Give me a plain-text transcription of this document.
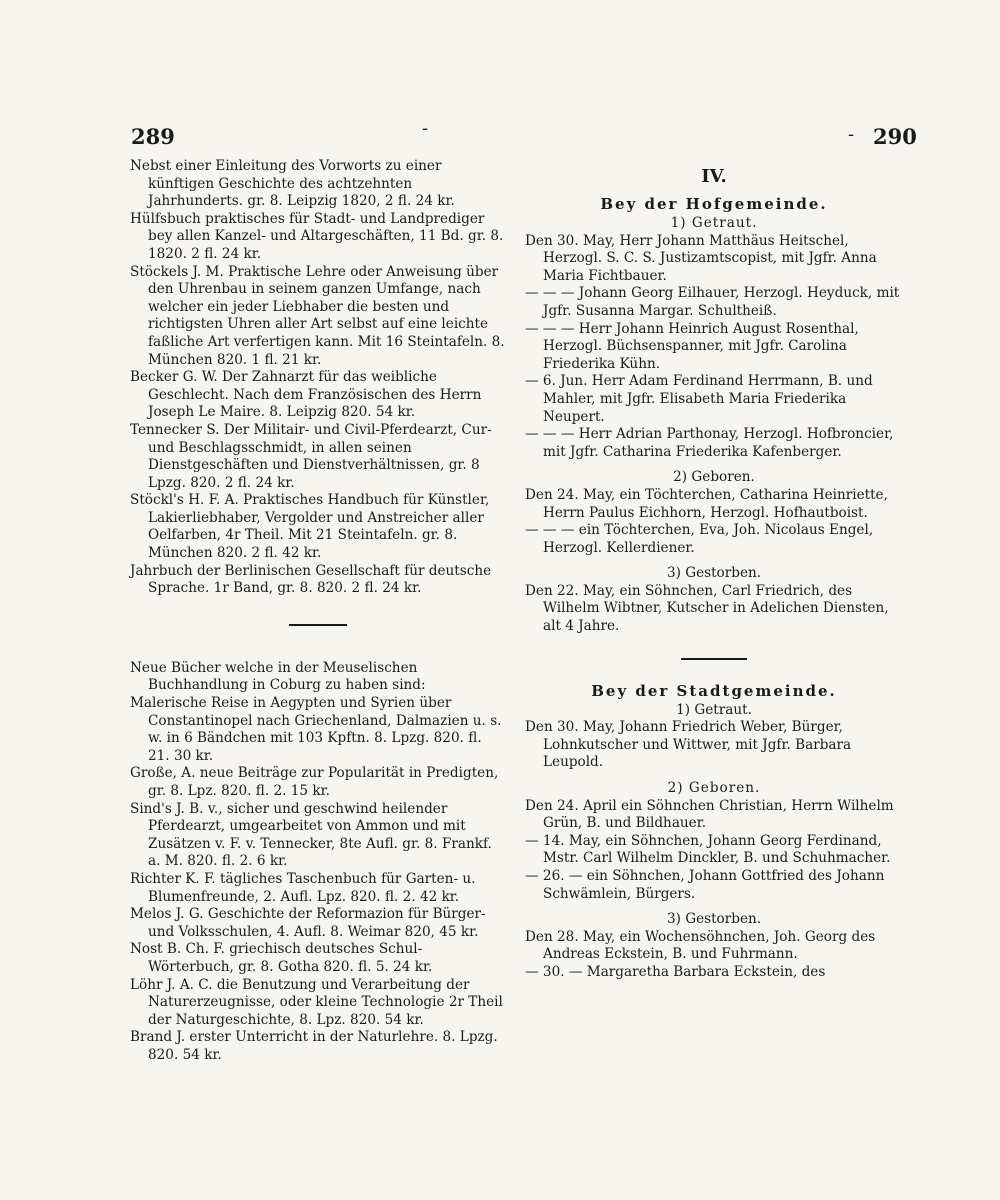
289	-	- 290

Nebst einer Einleitung des Vorworts zu einer künftigen Geschichte des achtzehnten Jahrhunderts. gr. 8. Leipzig 1820, 2 fl. 24 kr.

Hülfsbuch praktisches für Stadt- und Landprediger bey allen Kanzel- und Altargeschäften, 11 Bd. gr. 8. 1820. 2 fl. 24 kr.

Stöckels J. M. Praktische Lehre oder Anweisung über den Uhrenbau in seinem ganzen Umfange, nach welcher ein jeder Liebhaber die besten und richtigsten Uhren aller Art selbst auf eine leichte faßliche Art verfertigen kann. Mit 16 Steintafeln. 8. München 820. 1 fl. 21 kr.

Becker G. W. Der Zahnarzt für das weibliche Geschlecht. Nach dem Französischen des Herrn Joseph Le Maire. 8. Leipzig 820. 54 kr.

Tennecker S. Der Militair- und Civil-Pferdearzt, Cur- und Beschlagsschmidt, in allen seinen Dienstgeschäften und Dienstverhältnissen, gr. 8 Lpzg. 820. 2 fl. 24 kr.

Stöckl's H. F. A. Praktisches Handbuch für Künstler, Lakierliebhaber, Vergolder und Anstreicher aller Oelfarben, 4r Theil. Mit 21 Steintafeln. gr. 8. München 820. 2 fl. 42 kr.

Jahrbuch der Berlinischen Gesellschaft für deutsche Sprache. 1r Band, gr. 8. 820. 2 fl. 24 kr.

Neue Bücher welche in der Meuselischen Buchhandlung in Coburg zu haben sind:

Malerische Reise in Aegypten und Syrien über Constantinopel nach Griechenland, Dalmazien u. s. w. in 6 Bändchen mit 103 Kpftn. 8. Lpzg. 820. fl. 21. 30 kr.

Große, A. neue Beiträge zur Popularität in Predigten, gr. 8. Lpz. 820. fl. 2. 15 kr.

Sind's J. B. v., sicher und geschwind heilender Pferdearzt, umgearbeitet von Ammon und mit Zusätzen v. F. v. Tennecker, 8te Aufl. gr. 8. Frankf. a. M. 820. fl. 2. 6 kr.

Richter K. F. tägliches Taschenbuch für Garten- u. Blumenfreunde, 2. Aufl. Lpz. 820. fl. 2. 42 kr.

Melos J. G. Geschichte der Reformazion für Bürger- und Volksschulen, 4. Aufl. 8. Weimar 820, 45 kr.

Nost B. Ch. F. griechisch deutsches Schul-Wörterbuch, gr. 8. Gotha 820. fl. 5. 24 kr.

Löhr J. A. C. die Benutzung und Verarbeitung der Naturerzeugnisse, oder kleine Technologie 2r Theil der Naturgeschichte, 8. Lpz. 820. 54 kr.

Brand J. erster Unterricht in der Naturlehre. 8. Lpzg. 820. 54 kr.

IV.

Bey der Hofgemeinde.

1) Getraut.

Den 30. May, Herr Johann Matthäus Heitschel, Herzogl. S. C. S. Justizamtscopist, mit Jgfr. Anna Maria Fichtbauer.

— — — Johann Georg Eilhauer, Herzogl. Heyduck, mit Jgfr. Susanna Margar. Schultheiß.

— — — Herr Johann Heinrich August Rosenthal, Herzogl. Büchsenspanner, mit Jgfr. Carolina Friederika Kühn.

— 6. Jun. Herr Adam Ferdinand Herrmann, B. und Mahler, mit Jgfr. Elisabeth Maria Friederika Neupert.

— — — Herr Adrian Parthonay, Herzogl. Hofbroncier, mit Jgfr. Catharina Friederika Kafenberger.

2) Geboren.

Den 24. May, ein Töchterchen, Catharina Heinriette, Herrn Paulus Eichhorn, Herzogl. Hofhautboist.

— — — ein Töchterchen, Eva, Joh. Nicolaus Engel, Herzogl. Kellerdiener.

3) Gestorben.

Den 22. May, ein Söhnchen, Carl Friedrich, des Wilhelm Wibtner, Kutscher in Adelichen Diensten, alt 4 Jahre.

Bey der Stadtgemeinde.

1) Getraut.

Den 30. May, Johann Friedrich Weber, Bürger, Lohnkutscher und Wittwer, mit Jgfr. Barbara Leupold.

2) Geboren.

Den 24. April ein Söhnchen Christian, Herrn Wilhelm Grün, B. und Bildhauer.

— 14. May, ein Söhnchen, Johann Georg Ferdinand, Mstr. Carl Wilhelm Dinckler, B. und Schuhmacher.

— 26. — ein Söhnchen, Johann Gottfried des Johann Schwämlein, Bürgers.

3) Gestorben.

Den 28. May, ein Wochensöhnchen, Joh. Georg des Andreas Eckstein, B. und Fuhrmann.

— 30. — Margaretha Barbara Eckstein, des
